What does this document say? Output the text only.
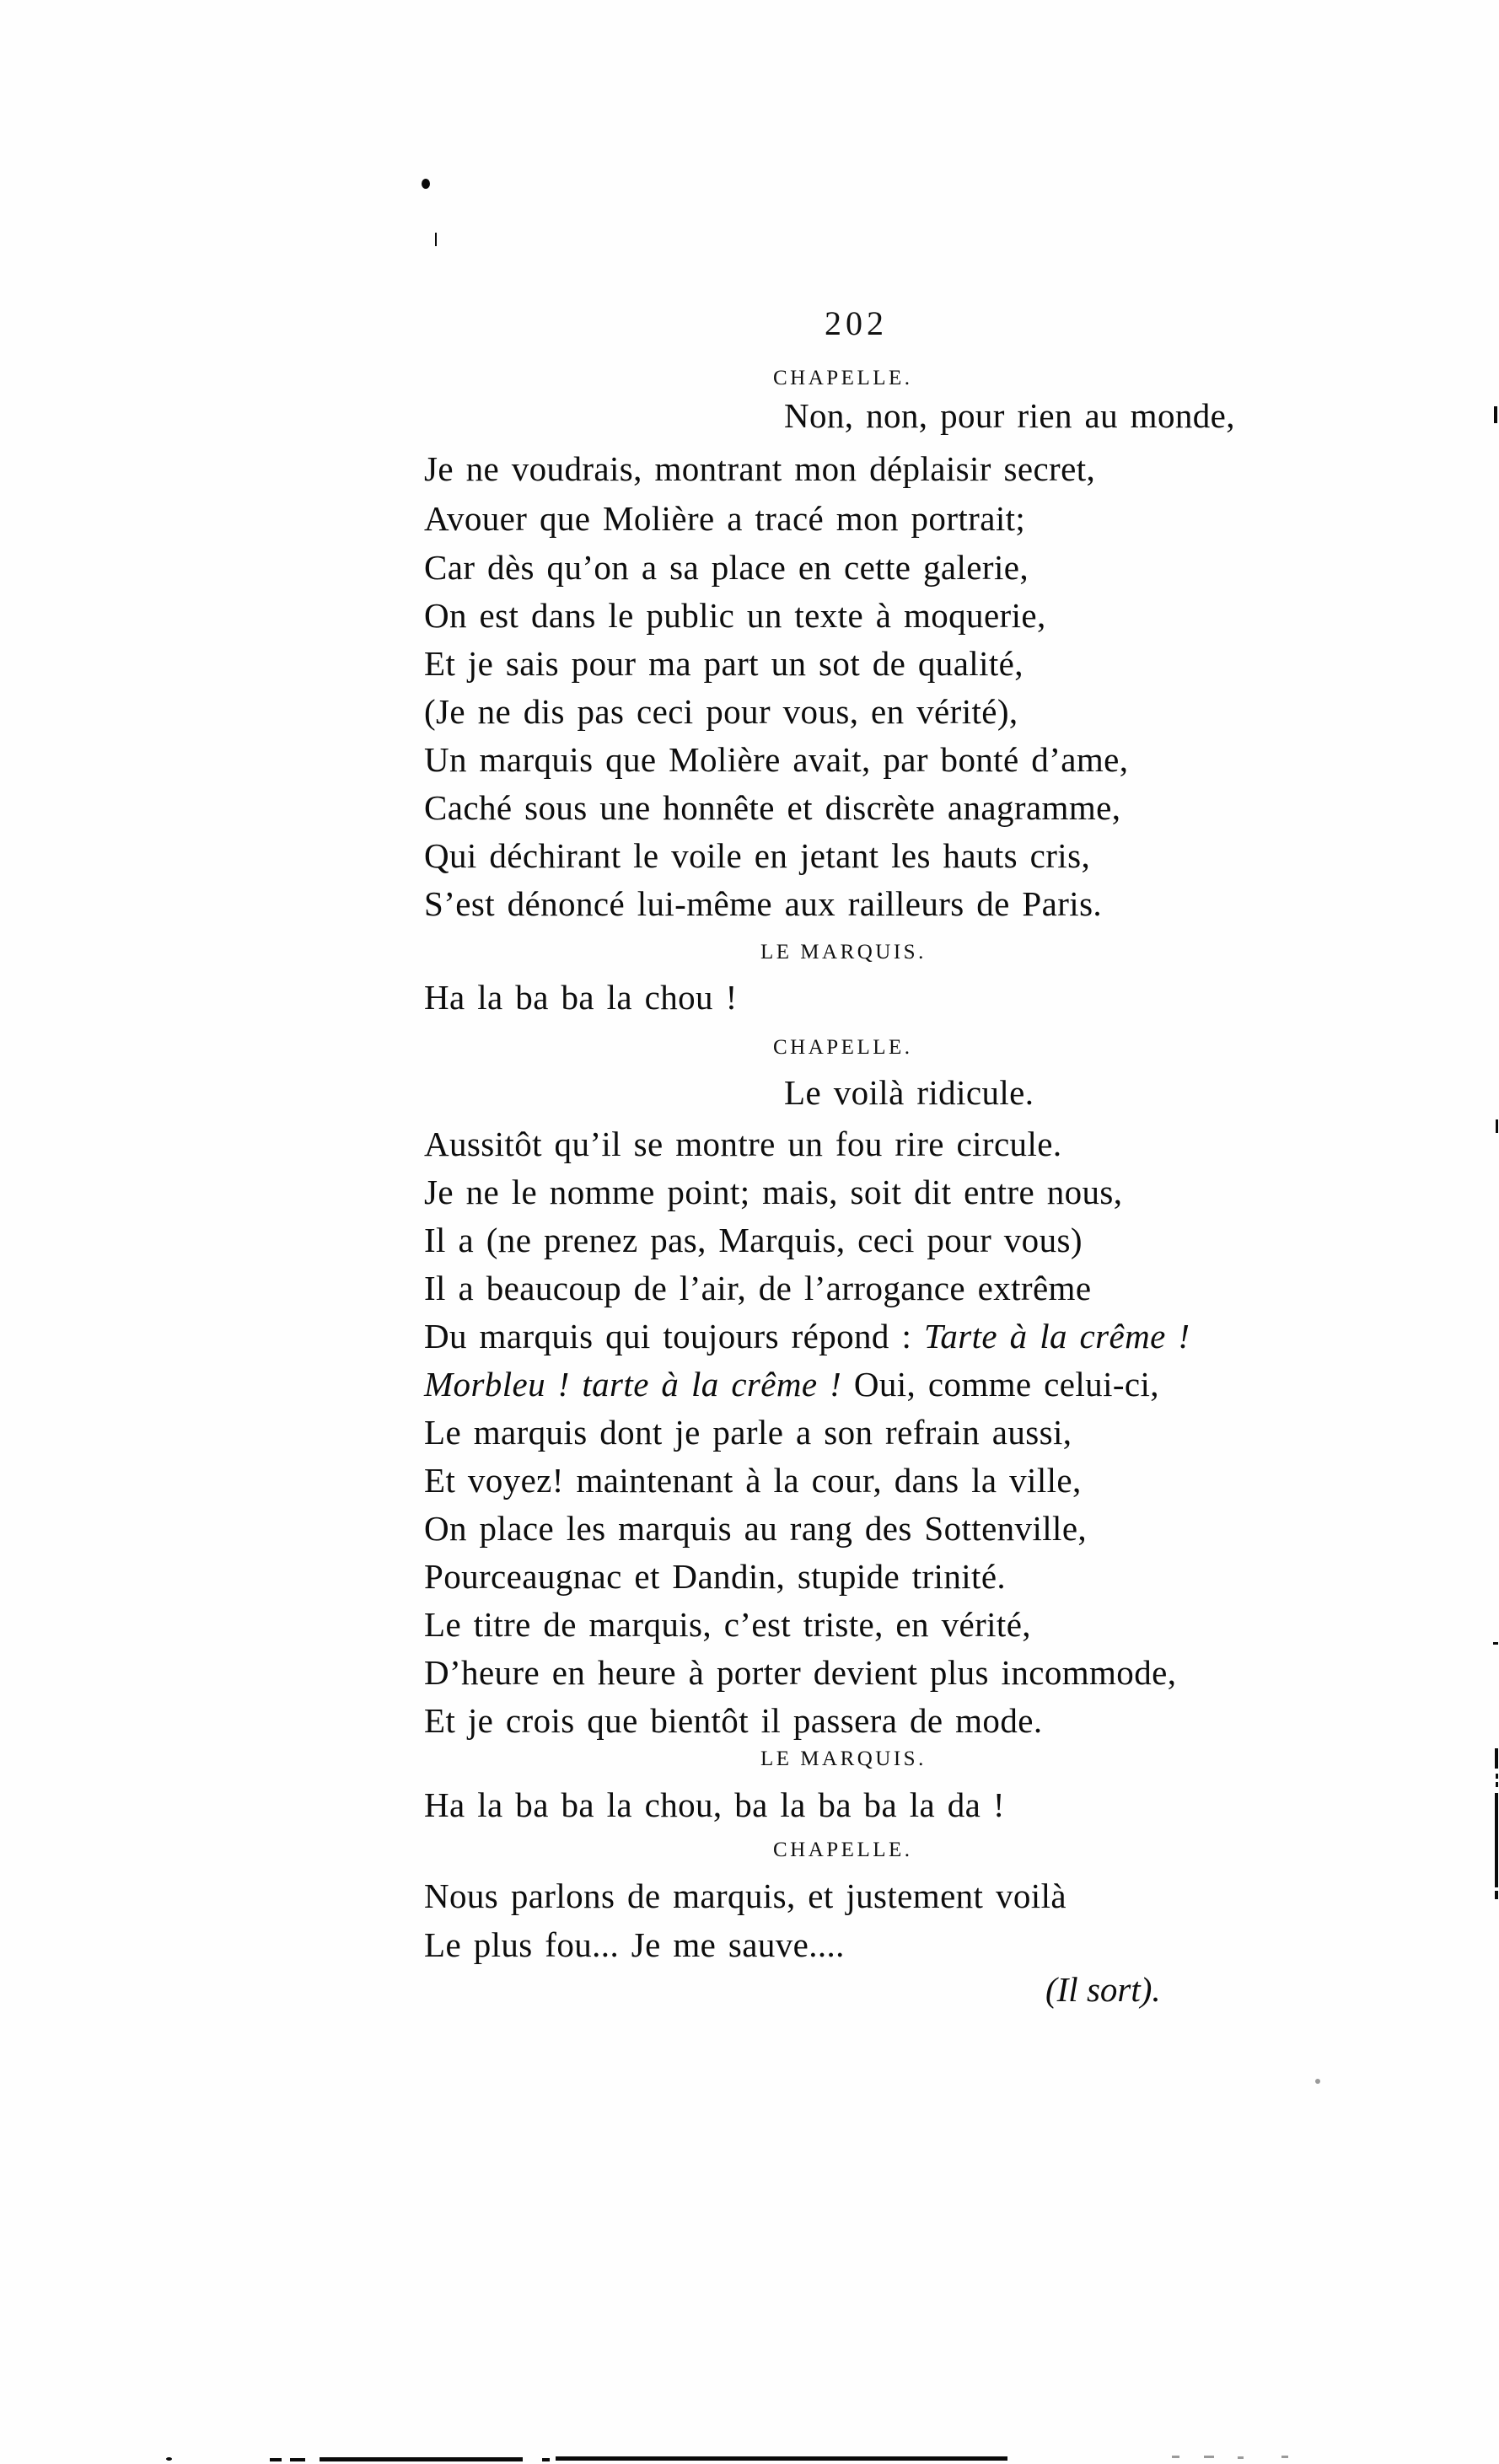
202
CHAPELLE.
Non, non, pour rien au monde,
Je ne voudrais, montrant mon déplaisir secret,
Avouer que Molière a tracé mon portrait;
Car dès qu’on a sa place en cette galerie,
On est dans le public un texte à moquerie,
Et je sais pour ma part un sot de qualité,
(Je ne dis pas ceci pour vous, en vérité),
Un marquis que Molière avait, par bonté d’ame,
Caché sous une honnête et discrète anagramme,
Qui déchirant le voile en jetant les hauts cris,
S’est dénoncé lui-même aux railleurs de Paris.
LE MARQUIS.
Ha la ba ba la chou !
CHAPELLE.
Le voilà ridicule.
Aussitôt qu’il se montre un fou rire circule.
Je ne le nomme point; mais, soit dit entre nous,
Il a (ne prenez pas, Marquis, ceci pour vous)
Il a beaucoup de l’air, de l’arrogance extrême
Du marquis qui toujours répond : Tarte à la crême !
Morbleu ! tarte à la crême ! Oui, comme celui-ci,
Le marquis dont je parle a son refrain aussi,
Et voyez! maintenant à la cour, dans la ville,
On place les marquis au rang des Sottenville,
Pourceaugnac et Dandin, stupide trinité.
Le titre de marquis, c’est triste, en vérité,
D’heure en heure à porter devient plus incommode,
Et je crois que bientôt il passera de mode.
LE MARQUIS.
Ha la ba ba la chou, ba la ba ba la da !
CHAPELLE.
Nous parlons de marquis, et justement voilà
Le plus fou... Je me sauve....
(Il sort).
